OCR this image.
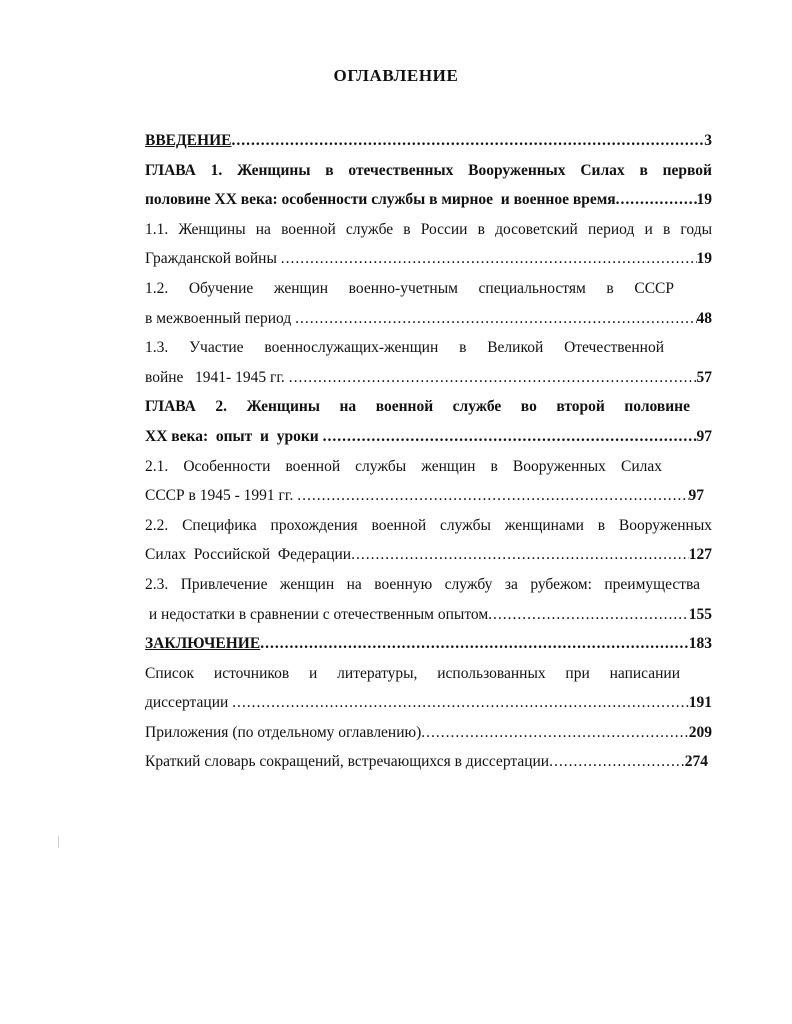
ОГЛАВЛЕНИЕ
ВВЕДЕНИЕ .....	3
ГЛАВА 1. Женщины в отечественных Вооруженных Силах в первой
половине XX века: особенности службы в мирное  и военное время .....	19
1.1. Женщины на военной службе в России в досоветский период и в годы
Гражданской войны .....	19
1.2. Обучение женщин военно-учетным специальностям в СССР
в межвоенный период .....	48
1.3. Участие военнослужащих-женщин в Великой Отечественной
войне   1941- 1945 гг. .....	57
ГЛАВА 2. Женщины на военной службе во второй половине
XX века:  опыт  и  уроки .....	97
2.1. Особенности военной службы женщин в Вооруженных Силах
СССР в 1945 - 1991 гг. .....	97
2.2. Специфика прохождения военной службы женщинами в Вооруженных
Силах  Российской  Федерации .....	127
2.3. Привлечение женщин на военную службу за рубежом: преимущества
и недостатки в сравнении с отечественным опытом .....	155
ЗАКЛЮЧЕНИЕ .....	183
Список источников и литературы, использованных при написании
диссертации .....	191
Приложения (по отдельному оглавлению) .....	209
Краткий словарь сокращений, встречающихся в диссертации .....	274
